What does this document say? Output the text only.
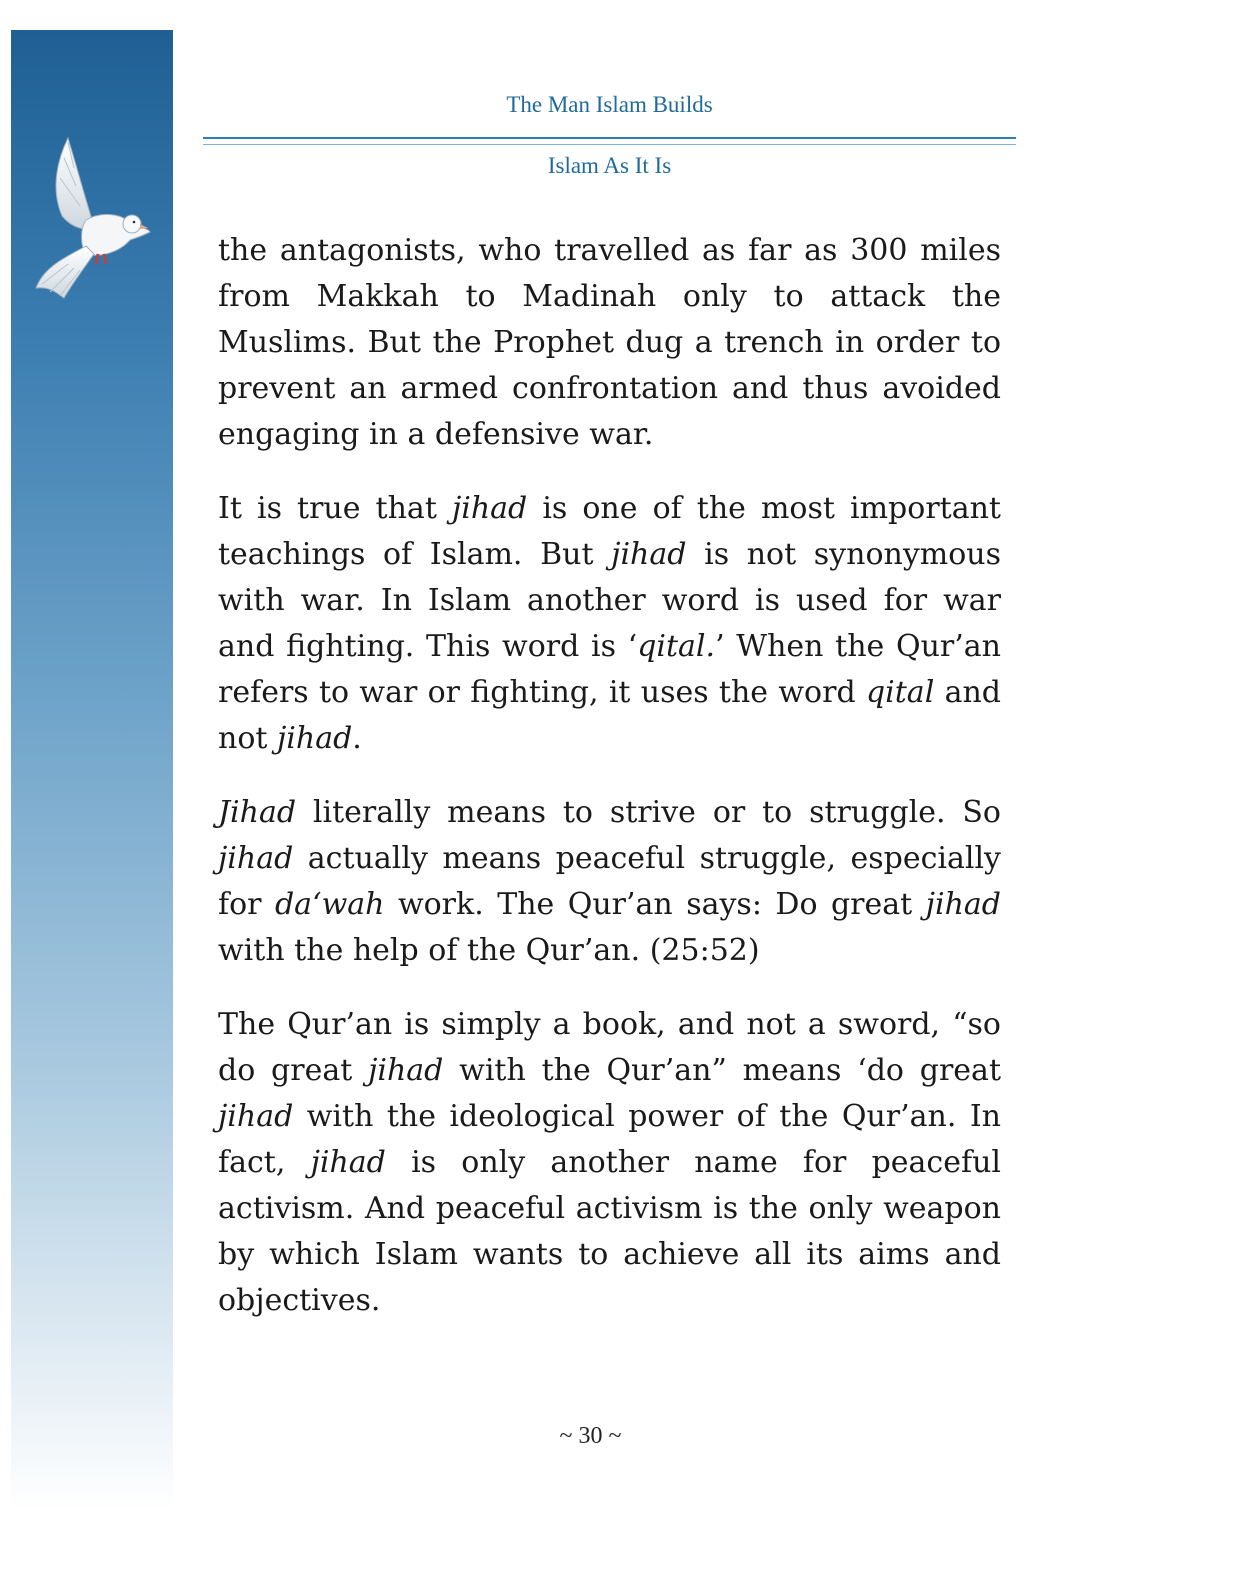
The Man Islam Builds
Islam As It Is

the antagonists, who travelled as far as 300 miles from Makkah to Madinah only to attack the Muslims. But the Prophet dug a trench in order to prevent an armed confrontation and thus avoided engaging in a defensive war.

It is true that jihad is one of the most important teachings of Islam. But jihad is not synonymous with war. In Islam another word is used for war and fighting. This word is ‘qital.’ When the Qur’an refers to war or fighting, it uses the word qital and not jihad.

Jihad literally means to strive or to struggle. So jihad actually means peaceful struggle, especially for da‘wah work. The Qur’an says: Do great jihad with the help of the Qur’an. (25:52)

The Qur’an is simply a book, and not a sword, “so do great jihad with the Qur’an” means ‘do great jihad with the ideological power of the Qur’an. In fact, jihad is only another name for peaceful activism. And peaceful activism is the only weapon by which Islam wants to achieve all its aims and objectives.

~ 30 ~
